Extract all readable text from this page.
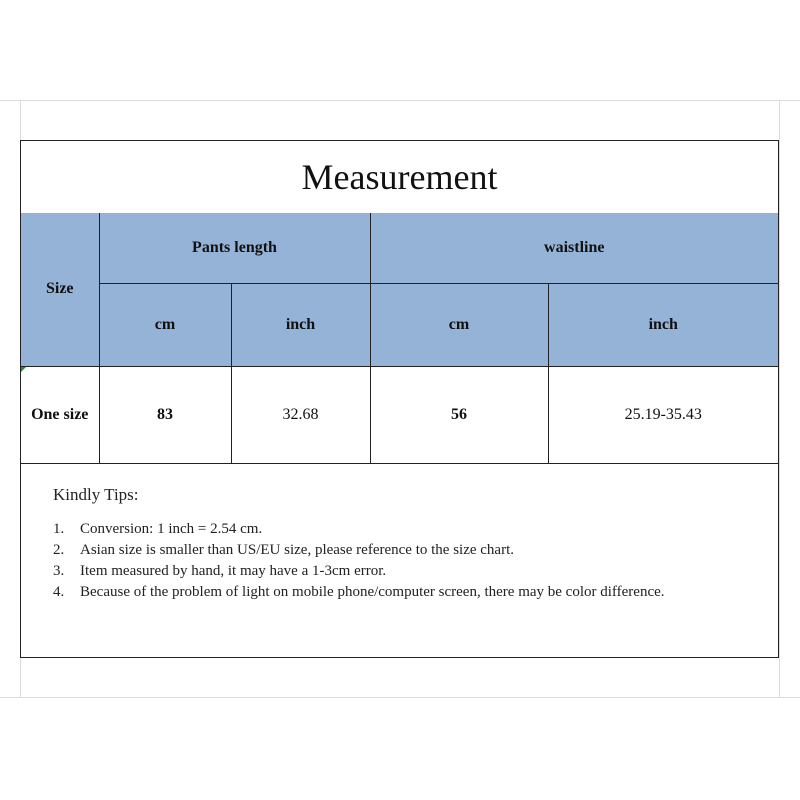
Measurement
Size	Pants length		waistline	
	cm	inch	cm	inch
One size	83	32.68	56	25.19-35.43
Kindly Tips:
1.	Conversion: 1 inch = 2.54 cm.
2.	Asian size is smaller than US/EU size, please reference to the size chart.
3.	Item measured by hand, it may have a 1-3cm error.
4.	Because of the problem of light on mobile phone/computer screen, there may be color difference.
